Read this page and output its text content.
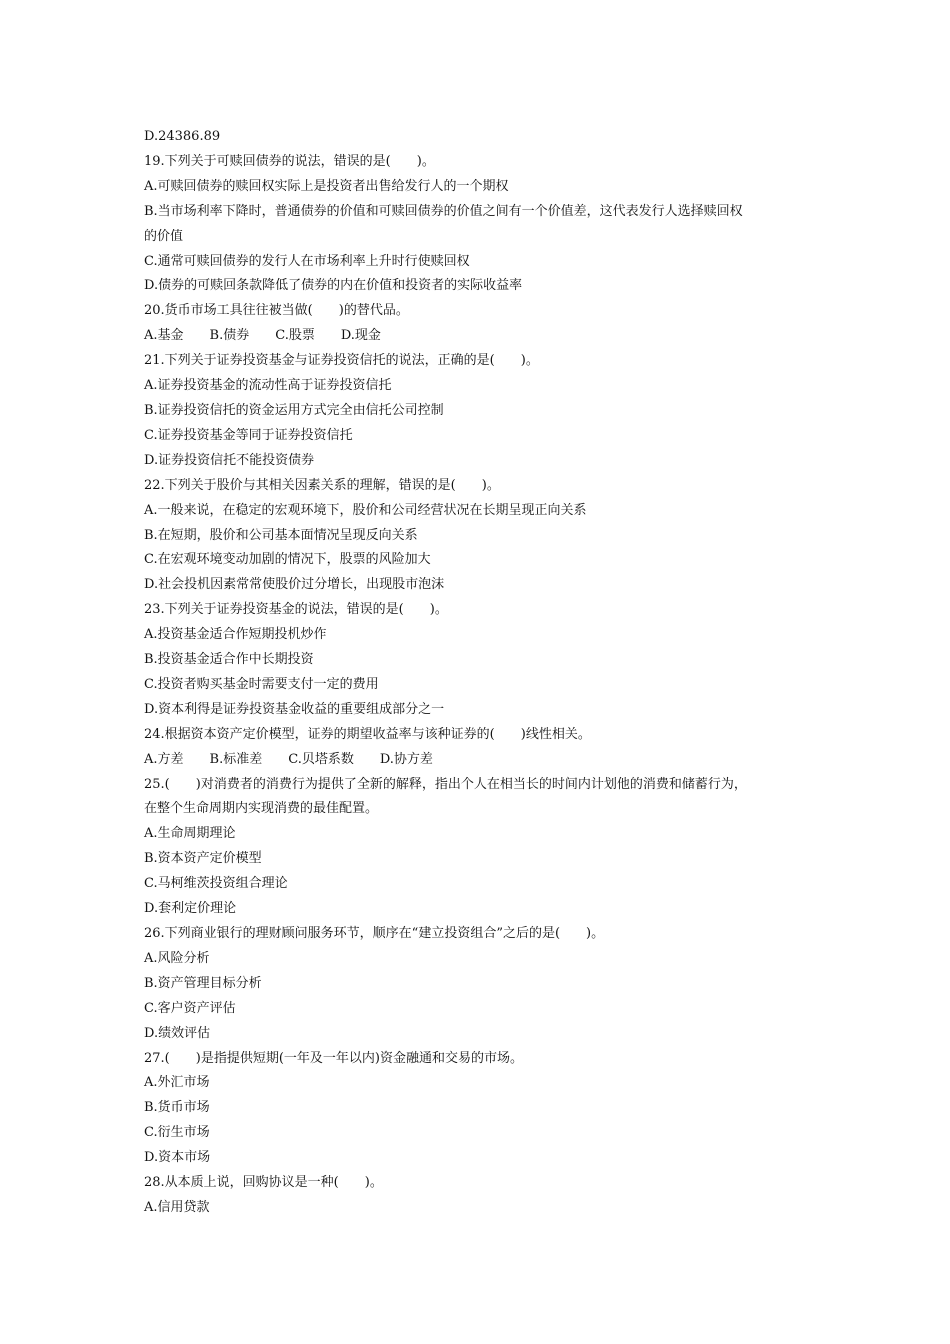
D.24386.89
19.下列关于可赎回债券的说法，错误的是(　　)。
A.可赎回债券的赎回权实际上是投资者出售给发行人的一个期权
B.当市场利率下降时，普通债券的价值和可赎回债券的价值之间有一个价值差，这代表发行人选择赎回权
的价值
C.通常可赎回债券的发行人在市场利率上升时行使赎回权
D.债券的可赎回条款降低了债券的内在价值和投资者的实际收益率
20.货币市场工具往往被当做(　　)的替代品。
A.基金　　B.债券　　C.股票　　D.现金
21.下列关于证券投资基金与证券投资信托的说法，正确的是(　　)。
A.证券投资基金的流动性高于证券投资信托
B.证券投资信托的资金运用方式完全由信托公司控制
C.证券投资基金等同于证券投资信托
D.证券投资信托不能投资债券
22.下列关于股价与其相关因素关系的理解，错误的是(　　)。
A.一般来说，在稳定的宏观环境下，股价和公司经营状况在长期呈现正向关系
B.在短期，股价和公司基本面情况呈现反向关系
C.在宏观环境变动加剧的情况下，股票的风险加大
D.社会投机因素常常使股价过分增长，出现股市泡沫
23.下列关于证券投资基金的说法，错误的是(　　)。
A.投资基金适合作短期投机炒作
B.投资基金适合作中长期投资
C.投资者购买基金时需要支付一定的费用
D.资本利得是证券投资基金收益的重要组成部分之一
24.根据资本资产定价模型，证券的期望收益率与该种证券的(　　)线性相关。
A.方差　　B.标准差　　C.贝塔系数　　D.协方差
25.(　　)对消费者的消费行为提供了全新的解释，指出个人在相当长的时间内计划他的消费和储蓄行为，
在整个生命周期内实现消费的最佳配置。
A.生命周期理论
B.资本资产定价模型
C.马柯维茨投资组合理论
D.套利定价理论
26.下列商业银行的理财顾问服务环节，顺序在“建立投资组合”之后的是(　　)。
A.风险分析
B.资产管理目标分析
C.客户资产评估
D.绩效评估
27.(　　)是指提供短期(一年及一年以内)资金融通和交易的市场。
A.外汇市场
B.货币市场
C.衍生市场
D.资本市场
28.从本质上说，回购协议是一种(　　)。
A.信用贷款
